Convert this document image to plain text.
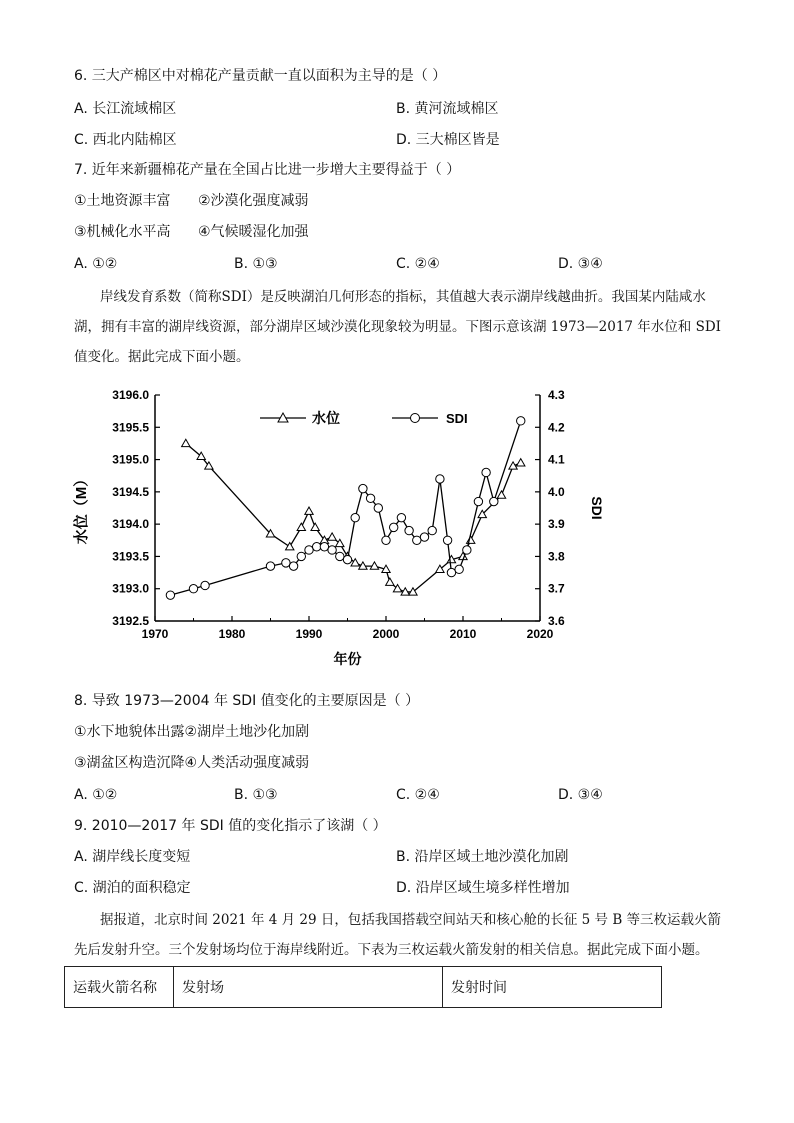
6. 三大产棉区中对棉花产量贡献一直以面积为主导的是（ ）
A. 长江流域棉区	B. 黄河流域棉区
C. 西北内陆棉区	D. 三大棉区皆是
7. 近年来新疆棉花产量在全国占比进一步增大主要得益于（ ）
①土地资源丰富 ②沙漠化强度减弱
③机械化水平高 ④气候暖湿化加强
A. ①②	B. ①③	C. ②④	D. ③④
岸线发育系数（简称SDI）是反映湖泊几何形态的指标，其值越大表示湖岸线越曲折。我国某内陆咸水
湖，拥有丰富的湖岸线资源，部分湖岸区域沙漠化现象较为明显。下图示意该湖 1973—2017 年水位和 SDI
值变化。据此完成下面小题。
1970	1980	1990	2000	2010	2020
3196.0
3195.5
3195.0
3194.5
3194.0
3193.5
3193.0
3192.5
4.3
4.2
4.1
4.0
3.9
3.8
3.7
3.6
年份
水位（M）	SDI
水位	SDI
8. 导致 1973—2004 年 SDI 值变化的主要原因是（ ）
①水下地貌体出露②湖岸土地沙化加剧
③湖盆区构造沉降④人类活动强度减弱
A. ①②	B. ①③	C. ②④	D. ③④
9. 2010—2017 年 SDI 值的变化指示了该湖（ ）
A. 湖岸线长度变短	B. 沿岸区域土地沙漠化加剧
C. 湖泊的面积稳定	D. 沿岸区域生境多样性增加
据报道，北京时间 2021 年 4 月 29 日，包括我国搭载空间站天和核心舱的长征 5 号 B 等三枚运载火箭
先后发射升空。三个发射场均位于海岸线附近。下表为三枚运载火箭发射的相关信息。据此完成下面小题。
运载火箭名称	发射场	发射时间
